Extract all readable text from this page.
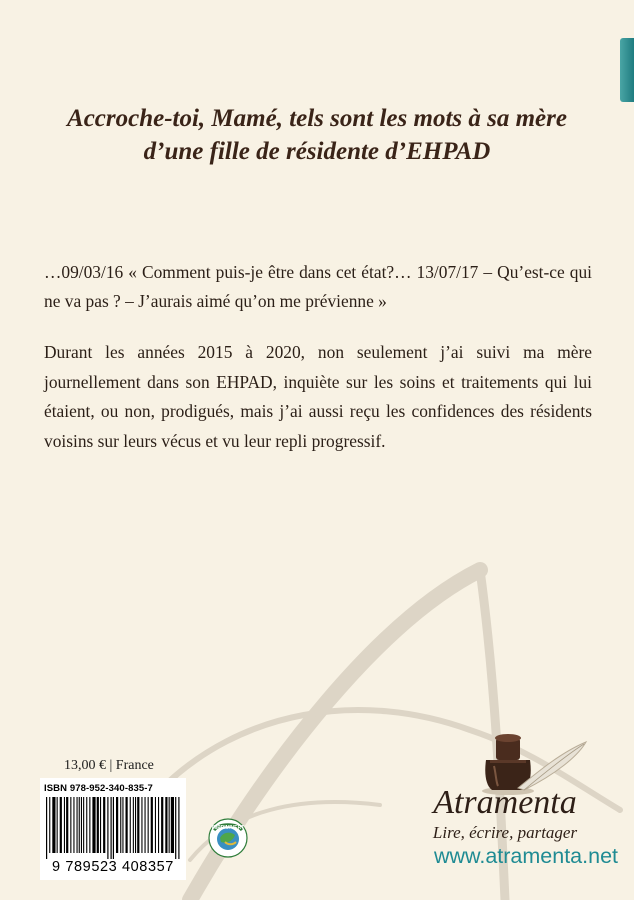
Accroche-toi, Mamé, tels sont les mots à sa mère d’une fille de résidente d’EHPAD

…09/03/16 « Comment puis-je être dans cet état?… 13/07/17 – Qu’est-ce qui ne va pas ? – J’aurais aimé qu’on me prévienne »

Durant les années 2015 à 2020, non seulement j’ai suivi ma mère journellement dans son EHPAD, inquiète sur les soins et traitements qui lui étaient, ou non, prodigués, mais j’ai aussi reçu les confidences des résidents voisins sur leurs vécus et vu leur repli progressif.

13,00 € | France
ISBN 978-952-340-835-7
9 789523 408357
IMPRIM'VERT
Atramenta
Lire, écrire, partager
www.atramenta.net
